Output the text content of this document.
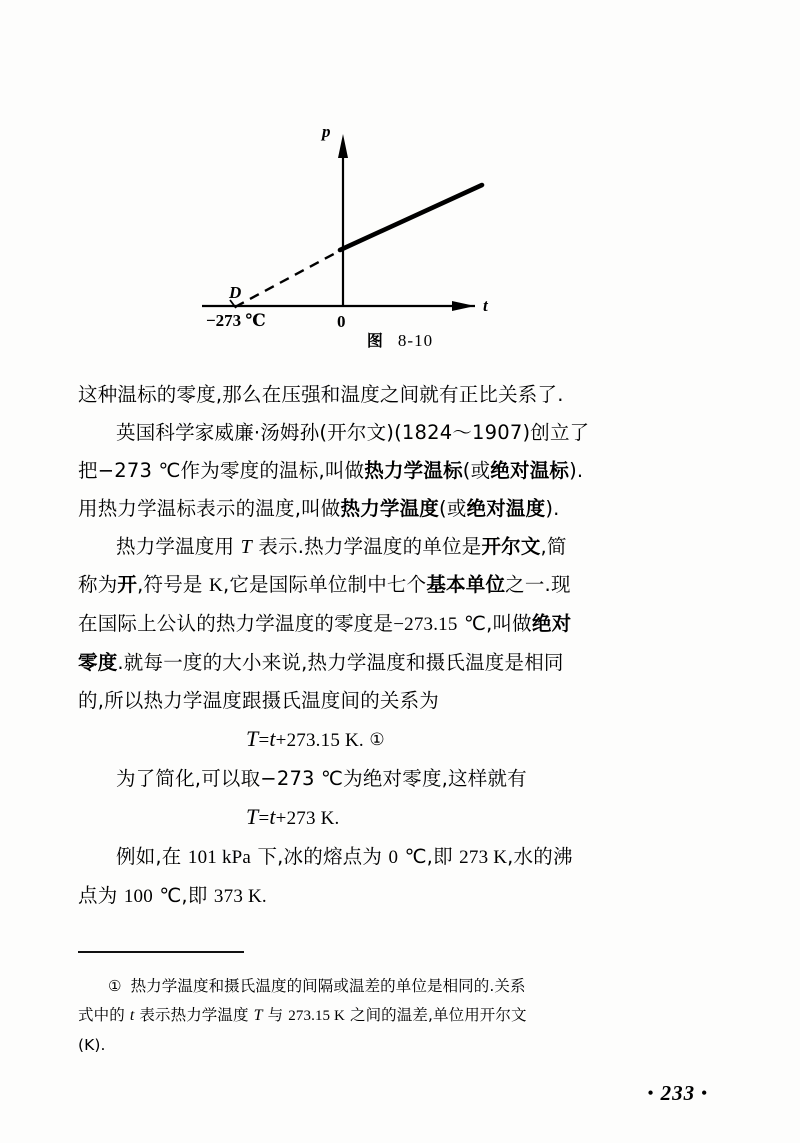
t
p
D
−273 ℃	0
图 8-10

这种温标的零度,那么在压强和温度之间就有正比关系了.

英国科学家威廉·汤姆孙(开尔文)(1824～1907)创立了

把−273 ℃作为零度的温标,叫做热力学温标(或绝对温标).

用热力学温标表示的温度,叫做热力学温度(或绝对温度).

热力学温度用 T 表示.热力学温度的单位是开尔文,简

称为开,符号是 K,它是国际单位制中七个基本单位之一.现

在国际上公认的热力学温度的零度是−273.15 ℃,叫做绝对

零度.就每一度的大小来说,热力学温度和摄氏温度是相同

的,所以热力学温度跟摄氏温度间的关系为

T=t+273.15 K. ①

为了简化,可以取−273 ℃为绝对零度,这样就有

T=t+273 K.

例如,在 101 kPa 下,冰的熔点为 0 ℃,即 273 K,水的沸

点为 100 ℃,即 373 K.

① 热力学温度和摄氏温度的间隔或温差的单位是相同的.关系

式中的 t 表示热力学温度 T 与 273.15 K 之间的温差,单位用开尔文

(K).

• 233 •
